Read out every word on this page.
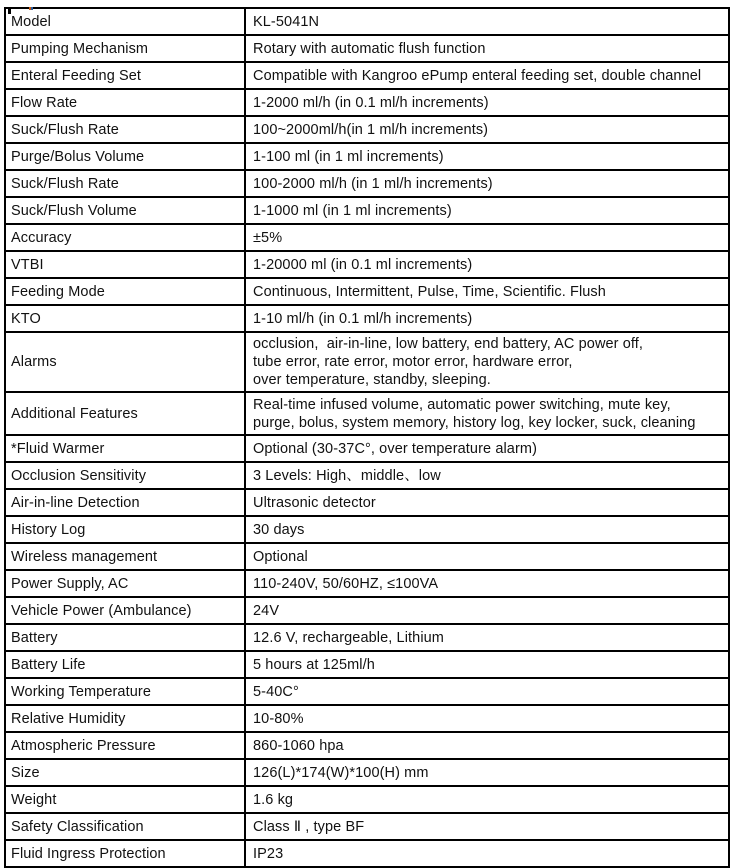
Model	KL-5041N

Pumping Mechanism	Rotary with automatic flush function

Enteral Feeding Set	Compatible with Kangroo ePump enteral feeding set, double channel

Flow Rate	1-2000 ml/h (in 0.1 ml/h increments)

Suck/Flush Rate	100~2000ml/h(in 1 ml/h increments)

Purge/Bolus Volume	1-100 ml (in 1 ml increments)

Suck/Flush Rate	100-2000 ml/h (in 1 ml/h increments)

Suck/Flush Volume	1-1000 ml (in 1 ml increments)

Accuracy	±5%

VTBI	1-20000 ml (in 0.1 ml increments)

Feeding Mode	Continuous, Intermittent, Pulse, Time, Scientific. Flush

KTO	1-10 ml/h (in 0.1 ml/h increments)

Alarms	occlusion,  air-in-line, low battery, end battery, AC power off,
tube error, rate error, motor error, hardware error,
over temperature, standby, sleeping.

Additional Features	Real-time infused volume, automatic power switching, mute key,
purge, bolus, system memory, history log, key locker, suck, cleaning

*Fluid Warmer	Optional (30-37C°, over temperature alarm)

Occlusion Sensitivity	3 Levels: High、middle、low

Air-in-line Detection	Ultrasonic detector

History Log	30 days

Wireless management	Optional

Power Supply, AC	110-240V, 50/60HZ, ≤100VA

Vehicle Power (Ambulance)	24V

Battery	12.6 V, rechargeable, Lithium

Battery Life	5 hours at 125ml/h

Working Temperature	5-40C°

Relative Humidity	10-80%

Atmospheric Pressure	860-1060 hpa

Size	126(L)*174(W)*100(H) mm

Weight	1.6 kg

Safety Classification	Class Ⅱ , type BF

Fluid Ingress Protection	IP23
